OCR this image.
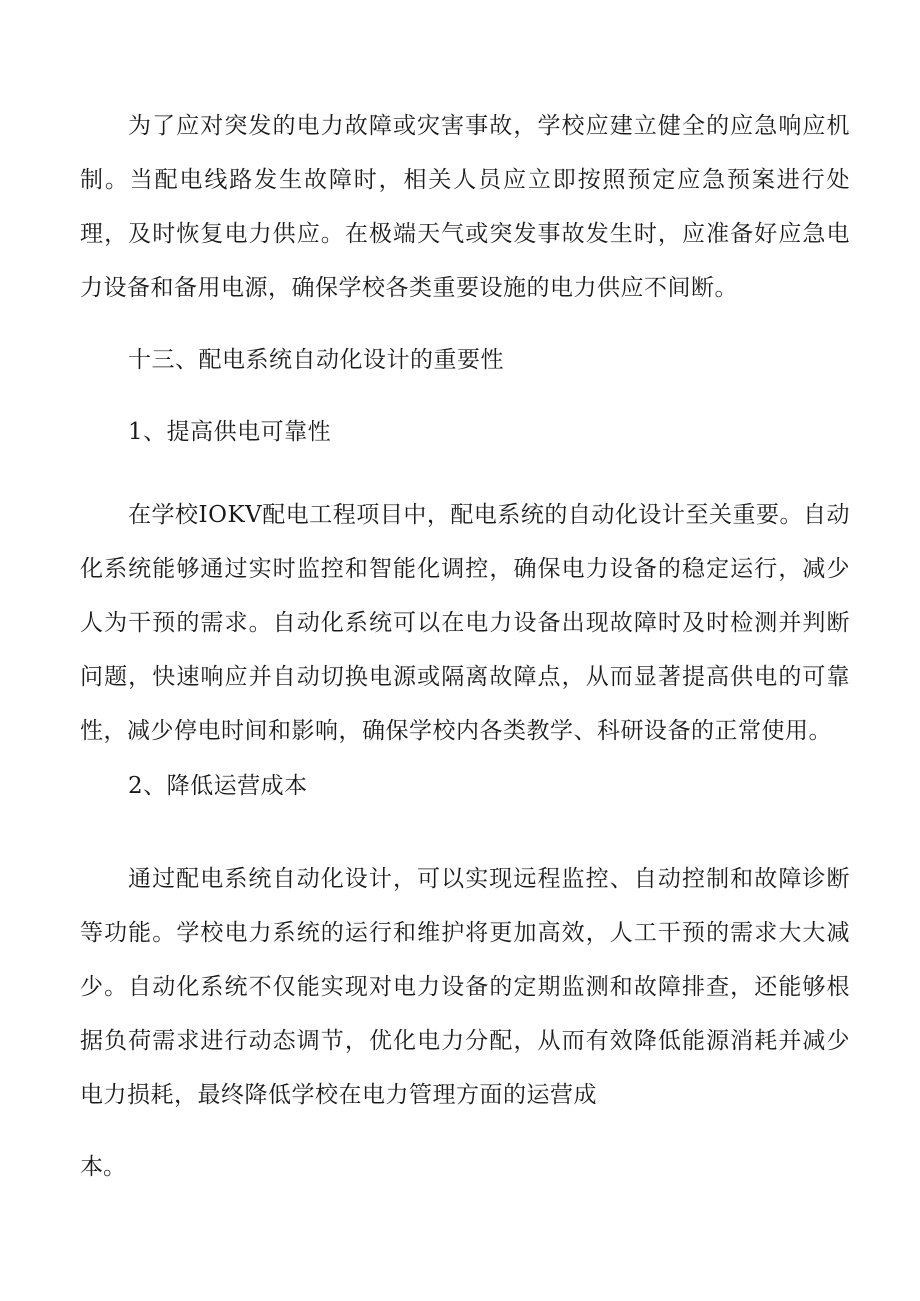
为了应对突发的电力故障或灾害事故，学校应建立健全的应急响应机制。当配电线路发生故障时，相关人员应立即按照预定应急预案进行处理，及时恢复电力供应。在极端天气或突发事故发生时，应准备好应急电力设备和备用电源，确保学校各类重要设施的电力供应不间断。

十三、配电系统自动化设计的重要性

1、提高供电可靠性

在学校IOKV配电工程项目中，配电系统的自动化设计至关重要。自动化系统能够通过实时监控和智能化调控，确保电力设备的稳定运行，减少人为干预的需求。自动化系统可以在电力设备出现故障时及时检测并判断问题，快速响应并自动切换电源或隔离故障点，从而显著提高供电的可靠性，减少停电时间和影响，确保学校内各类教学、科研设备的正常使用。

2、降低运营成本

通过配电系统自动化设计，可以实现远程监控、自动控制和故障诊断等功能。学校电力系统的运行和维护将更加高效，人工干预的需求大大减少。自动化系统不仅能实现对电力设备的定期监测和故障排查，还能够根据负荷需求进行动态调节，优化电力分配，从而有效降低能源消耗并减少电力损耗，最终降低学校在电力管理方面的运营成

本。
